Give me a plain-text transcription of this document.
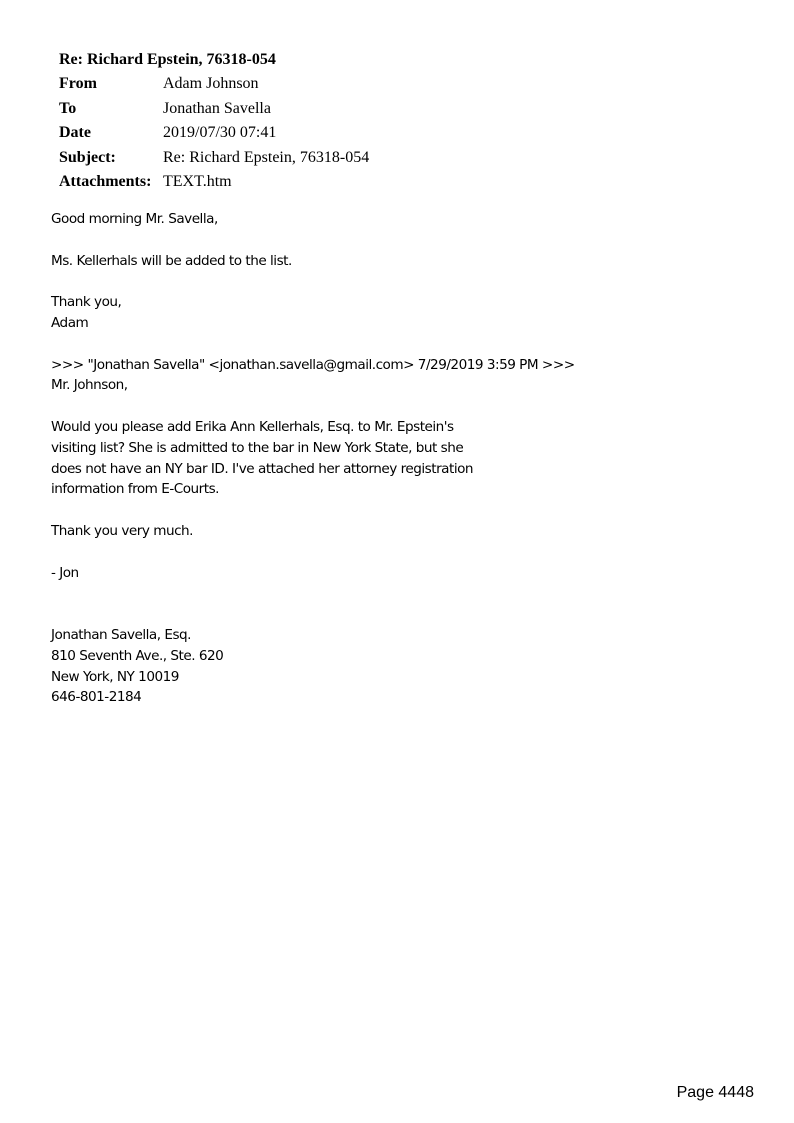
Re: Richard Epstein, 76318-054

From	Adam Johnson
To	Jonathan Savella
Date	2019/07/30 07:41
Subject:	Re: Richard Epstein, 76318-054
Attachments: TEXT.htm

Good morning Mr. Savella,

Ms. Kellerhals will be added to the list.

Thank you,

Adam

>>> "Jonathan Savella" <jonathan.savella@gmail.com> 7/29/2019 3:59 PM >>>

Mr. Johnson,

Would you please add Erika Ann Kellerhals, Esq. to Mr. Epstein's

visiting list? She is admitted to the bar in New York State, but she

does not have an NY bar ID. I've attached her attorney registration

information from E-Courts.

Thank you very much.

- Jon

Jonathan Savella, Esq.

810 Seventh Ave., Ste. 620

New York, NY 10019

646-801-2184

Page 4448
